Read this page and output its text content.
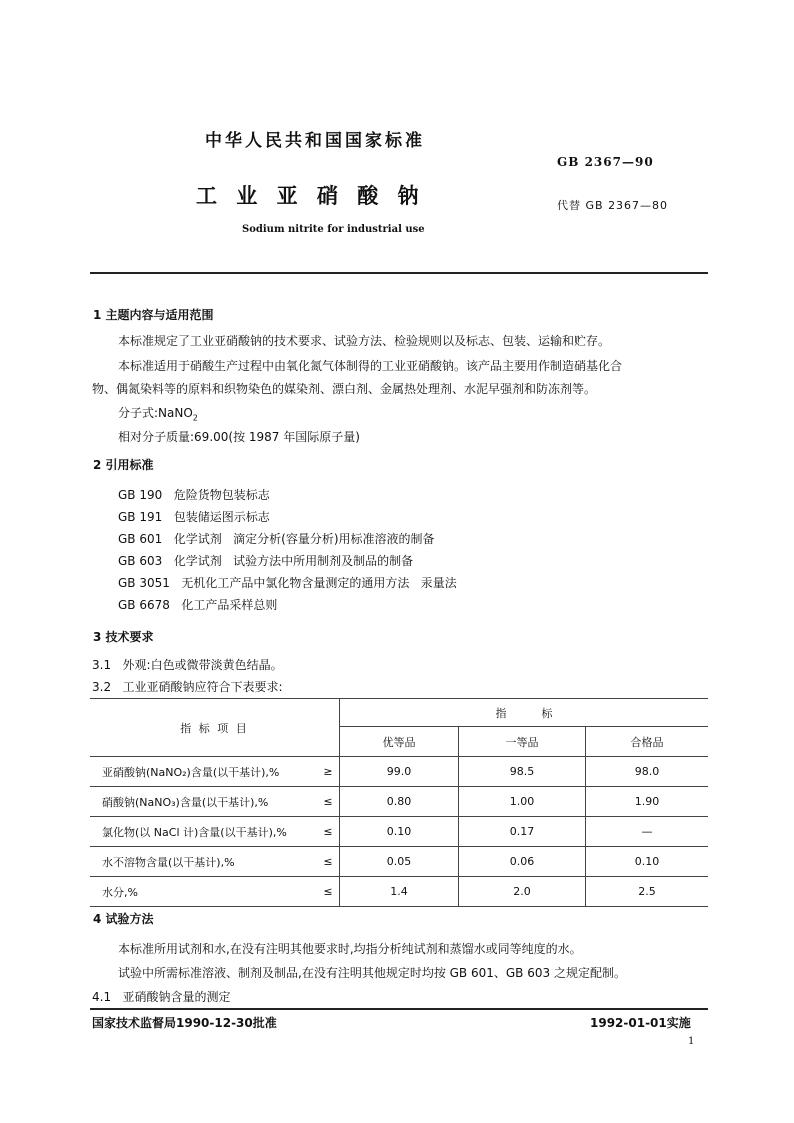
中华人民共和国国家标准
GB 2367—90
工 业 亚 硝 酸 钠	代替 GB 2367—80
Sodium nitrite for industrial use
1 主题内容与适用范围
本标准规定了工业亚硝酸钠的技术要求、试验方法、检验规则以及标志、包装、运输和贮存。
本标准适用于硝酸生产过程中由氧化氮气体制得的工业亚硝酸钠。该产品主要用作制造硝基化合
物、偶氮染料等的原料和织物染色的媒染剂、漂白剂、金属热处理剂、水泥早强剂和防冻剂等。
分子式:NaNO$_2$
相对分子质量:69.00(按 1987 年国际原子量)
2 引用标准
GB 190   危险货物包装标志
GB 191   包装储运图示标志
GB 601   化学试剂   滴定分析(容量分析)用标准溶液的制备
GB 603   化学试剂   试验方法中所用制剂及制品的制备
GB 3051   无机化工产品中氯化物含量测定的通用方法   汞量法
GB 6678   化工产品采样总则
3 技术要求
3.1   外观:白色或微带淡黄色结晶。
3.2   工业亚硝酸钠应符合下表要求:
指 标 项 目		指          标		
		优等品	一等品	合格品
亚硝酸钠(NaNO₂)含量(以干基计),%	≥	99.0	98.5	98.0
硝酸钠(NaNO₃)含量(以干基计),%	≤	0.80	1.00	1.90
氯化物(以 NaCl 计)含量(以干基计),%	≤	0.10	0.17	—
水不溶物含量(以干基计),%	≤	0.05	0.06	0.10
水分,%	≤	1.4	2.0	2.5
4 试验方法
本标准所用试剂和水,在没有注明其他要求时,均指分析纯试剂和蒸馏水或同等纯度的水。
试验中所需标准溶液、制剂及制品,在没有注明其他规定时均按 GB 601、GB 603 之规定配制。
4.1   亚硝酸钠含量的测定
国家技术监督局1990-12-30批准	1992-01-01实施
1
